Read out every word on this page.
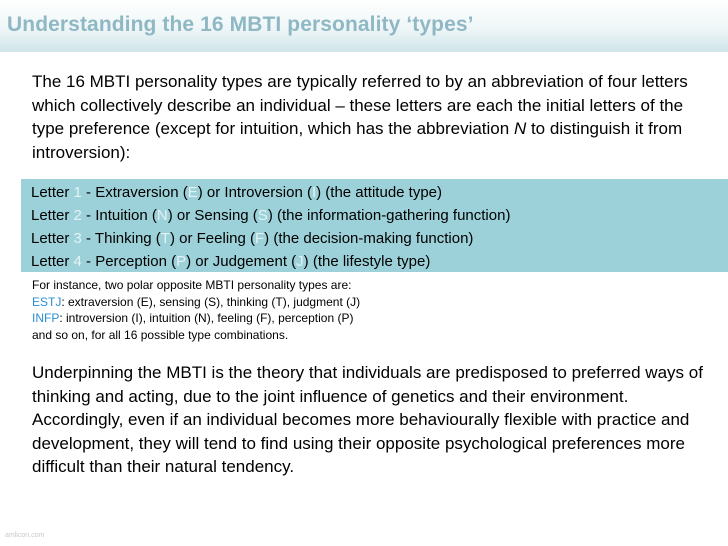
Understanding the 16 MBTI personality ‘types’

The 16 MBTI personality types are typically referred to by an abbreviation of four letters which collectively describe an individual – these letters are each the initial letters of the type preference (except for intuition, which has the abbreviation N to distinguish it from introversion):

Letter 1 - Extraversion (E) or Introversion (I) (the attitude type)
Letter 2 - Intuition (N) or Sensing (S) (the information-gathering function)
Letter 3 - Thinking (T) or Feeling (F) (the decision-making function)
Letter 4 - Perception (P) or Judgement (J) (the lifestyle type)
For instance, two polar opposite MBTI personality types are:
ESTJ: extraversion (E), sensing (S), thinking (T), judgment (J)
INFP: introversion (I), intuition (N), feeling (F), perception (P)
and so on, for all 16 possible type combinations.

Underpinning the MBTI is the theory that individuals are predisposed to preferred ways of thinking and acting, due to the joint influence of genetics and their environment. Accordingly, even if an individual becomes more behaviourally flexible with practice and development, they will tend to find using their opposite psychological preferences more difficult than their natural tendency.

amlicon.com
